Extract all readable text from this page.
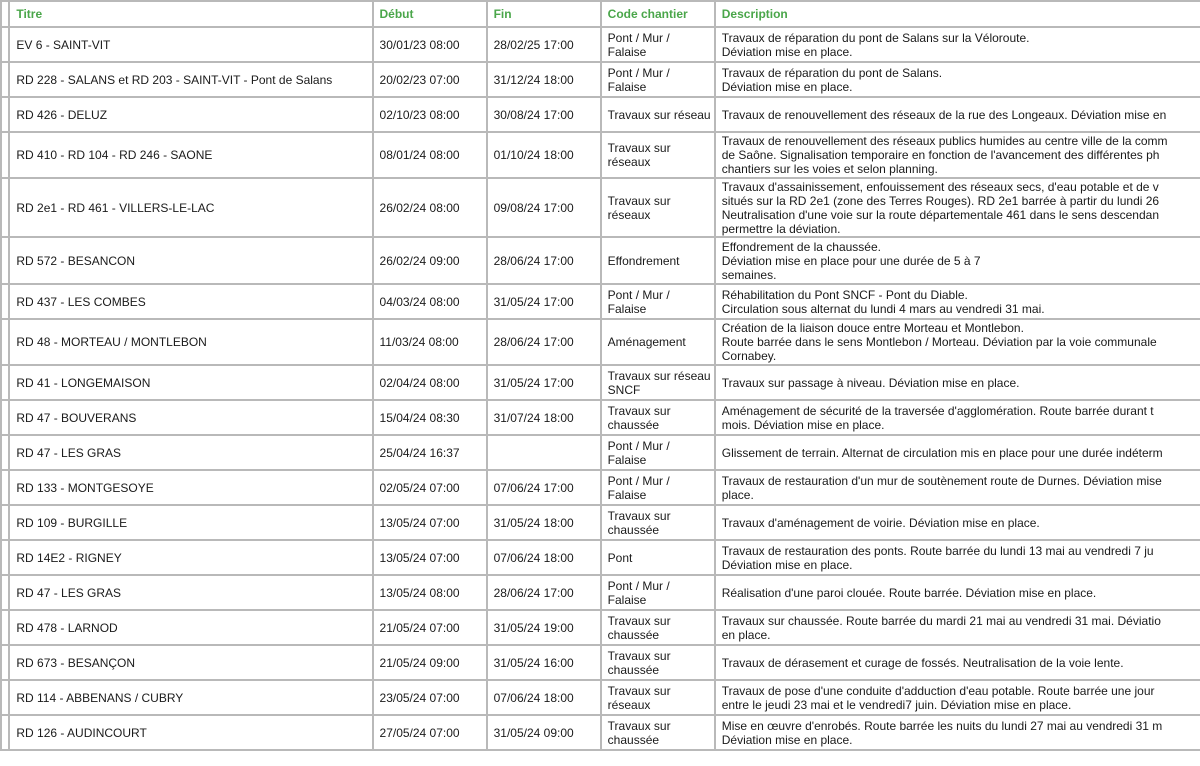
	Titre	Début	Fin	Code chantier	Description
	EV 6 - SAINT-VIT	30/01/23 08:00	28/02/25 17:00	Pont / Mur / Falaise	Travaux de réparation du pont de Salans sur la Véloroute.
Déviation mise en place.
	RD 228 - SALANS et RD 203 - SAINT-VIT - Pont de Salans	20/02/23 07:00	31/12/24 18:00	Pont / Mur / Falaise	Travaux de réparation du pont de Salans.
Déviation mise en place.
	RD 426 - DELUZ	02/10/23 08:00	30/08/24 17:00	Travaux sur réseau	Travaux de renouvellement des réseaux de la rue des Longeaux. Déviation mise en
	RD 410 - RD 104 - RD 246 - SAONE	08/01/24 08:00	01/10/24 18:00	Travaux sur réseaux	Travaux de renouvellement des réseaux publics humides au centre ville de la comm
de Saône. Signalisation temporaire en fonction de l'avancement des différentes ph
chantiers sur les voies et selon planning.
	RD 2e1 - RD 461 - VILLERS-LE-LAC	26/02/24 08:00	09/08/24 17:00	Travaux sur réseaux	Travaux d'assainissement, enfouissement des réseaux secs, d'eau potable et de v
situés sur la RD 2e1 (zone des Terres Rouges). RD 2e1 barrée à partir du lundi 26
Neutralisation d'une voie sur la route départementale 461 dans le sens descendan
permettre la déviation.
	RD 572 - BESANCON	26/02/24 09:00	28/06/24 17:00	Effondrement	Effondrement de la chaussée.
Déviation mise en place pour une durée de 5 à 7
semaines.
	RD 437 - LES COMBES	04/03/24 08:00	31/05/24 17:00	Pont / Mur / Falaise	Réhabilitation du Pont SNCF - Pont du Diable.
Circulation sous alternat du lundi 4 mars au vendredi 31 mai.
	RD 48 - MORTEAU / MONTLEBON	11/03/24 08:00	28/06/24 17:00	Aménagement	Création de la liaison douce entre Morteau et Montlebon.
Route barrée dans le sens Montlebon / Morteau. Déviation par la voie communale
Cornabey.
	RD 41 - LONGEMAISON	02/04/24 08:00	31/05/24 17:00	Travaux sur réseau SNCF	Travaux sur passage à niveau. Déviation mise en place.
	RD 47 - BOUVERANS	15/04/24 08:30	31/07/24 18:00	Travaux sur chaussée	Aménagement de sécurité de la traversée d'agglomération. Route barrée durant t
mois. Déviation mise en place.
	RD 47 - LES GRAS	25/04/24 16:37		Pont / Mur / Falaise	Glissement de terrain. Alternat de circulation mis en place pour une durée indéterm
	RD 133 - MONTGESOYE	02/05/24 07:00	07/06/24 17:00	Pont / Mur / Falaise	Travaux de restauration d'un mur de soutènement route de Durnes. Déviation mise
place.
	RD 109 - BURGILLE	13/05/24 07:00	31/05/24 18:00	Travaux sur chaussée	Travaux d'aménagement de voirie. Déviation mise en place.
	RD 14E2 - RIGNEY	13/05/24 07:00	07/06/24 18:00	Pont	Travaux de restauration des ponts. Route barrée du lundi 13 mai au vendredi 7 ju
Déviation mise en place.
	RD 47 - LES GRAS	13/05/24 08:00	28/06/24 17:00	Pont / Mur / Falaise	Réalisation d'une paroi clouée. Route barrée. Déviation mise en place.
	RD 478 - LARNOD	21/05/24 07:00	31/05/24 19:00	Travaux sur chaussée	Travaux sur chaussée. Route barrée du mardi 21 mai au vendredi 31 mai. Déviatio
en place.
	RD 673 - BESANÇON	21/05/24 09:00	31/05/24 16:00	Travaux sur chaussée	Travaux de dérasement et curage de fossés. Neutralisation de la voie lente.
	RD 114 - ABBENANS / CUBRY	23/05/24 07:00	07/06/24 18:00	Travaux sur réseaux	Travaux de pose d'une conduite d'adduction d'eau potable. Route barrée une jour
entre le jeudi 23 mai et le vendredi7 juin. Déviation mise en place.
	RD 126 - AUDINCOURT	27/05/24 07:00	31/05/24 09:00	Travaux sur chaussée	Mise en œuvre d'enrobés. Route barrée les nuits du lundi 27 mai au vendredi 31 m
Déviation mise en place.
